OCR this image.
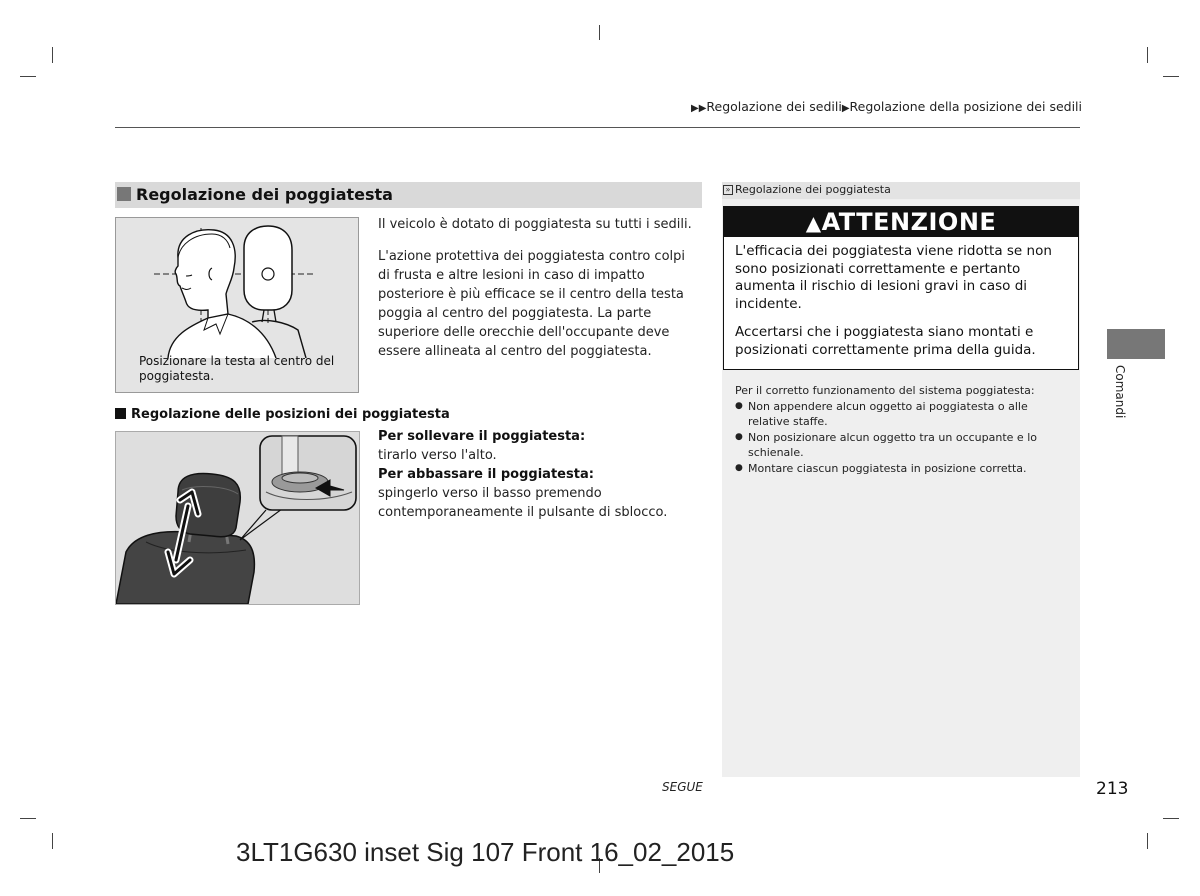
▶▶Regolazione dei sedili▶Regolazione della posizione dei sedili
Regolazione dei poggiatesta
Posizionare la testa al centro del poggiatesta.
Il veicolo è dotato di poggiatesta su tutti i sedili.
L'azione protettiva dei poggiatesta contro colpi di frusta e altre lesioni in caso di impatto posteriore è più efficace se il centro della testa poggia al centro del poggiatesta. La parte superiore delle orecchie dell'occupante deve essere allineata al centro del poggiatesta.
Regolazione delle posizioni dei poggiatesta
Per sollevare il poggiatesta:
tirarlo verso l'alto.
Per abbassare il poggiatesta:
spingerlo verso il basso premendo contemporaneamente il pulsante di sblocco.
» Regolazione dei poggiatesta
▲ATTENZIONE
L'efficacia dei poggiatesta viene ridotta se non sono posizionati correttamente e pertanto aumenta il rischio di lesioni gravi in caso di incidente.
Accertarsi che i poggiatesta siano montati e posizionati correttamente prima della guida.
Per il corretto funzionamento del sistema poggiatesta:
● Non appendere alcun oggetto ai poggiatesta o alle relative staffe.
● Non posizionare alcun oggetto tra un occupante e lo schienale.
● Montare ciascun poggiatesta in posizione corretta.
Comandi
SEGUE	213
3LT1G630 inset Sig 107 Front 16_02_2015
